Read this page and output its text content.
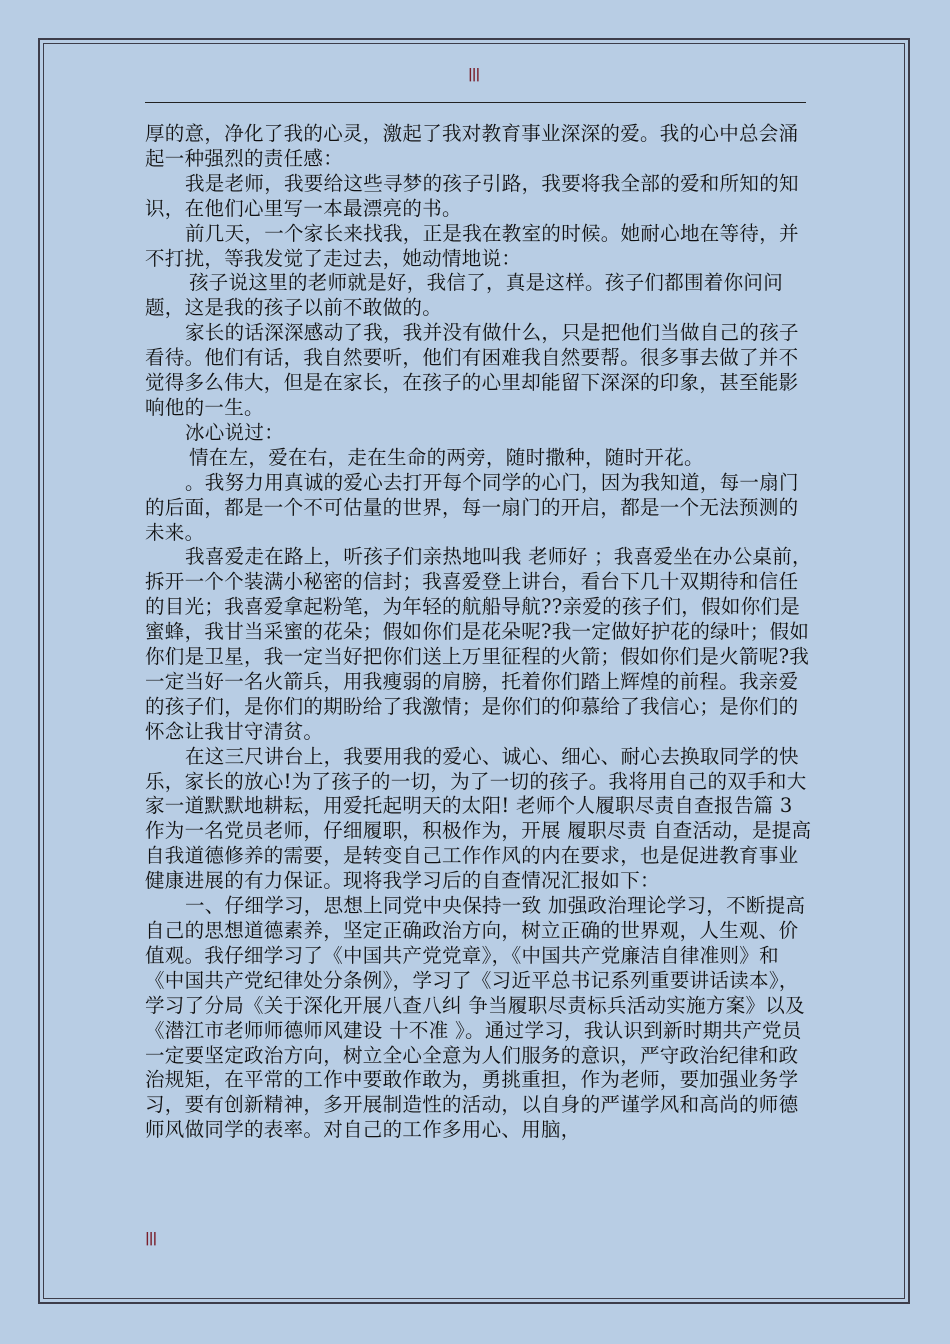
|||

厚的意，净化了我的心灵，激起了我对教育事业深深的爱。我的心中总会涌起一种强烈的责任感：

我是老师，我要给这些寻梦的孩子引路，我要将我全部的爱和所知的知识，在他们心里写一本最漂亮的书。

前几天，一个家长来找我，正是我在教室的时候。她耐心地在等待，并不打扰，等我发觉了走过去，她动情地说：

孩子说这里的老师就是好，我信了，真是这样。孩子们都围着你问问题，这是我的孩子以前不敢做的。

家长的话深深感动了我，我并没有做什么，只是把他们当做自己的孩子看待。他们有话，我自然要听，他们有困难我自然要帮。很多事去做了并不觉得多么伟大，但是在家长，在孩子的心里却能留下深深的印象，甚至能影响他的一生。

冰心说过：

情在左，爱在右，走在生命的两旁，随时撒种，随时开花。

。我努力用真诚的爱心去打开每个同学的心门，因为我知道，每一扇门的后面，都是一个不可估量的世界，每一扇门的开启，都是一个无法预测的未来。

我喜爱走在路上，听孩子们亲热地叫我 老师好 ；我喜爱坐在办公桌前，拆开一个个装满小秘密的信封；我喜爱登上讲台，看台下几十双期待和信任的目光；我喜爱拿起粉笔，为年轻的航船导航??亲爱的孩子们，假如你们是蜜蜂，我甘当采蜜的花朵；假如你们是花朵呢?我一定做好护花的绿叶；假如你们是卫星，我一定当好把你们送上万里征程的火箭；假如你们是火箭呢?我一定当好一名火箭兵，用我瘦弱的肩膀，托着你们踏上辉煌的前程。我亲爱的孩子们，是你们的期盼给了我激情；是你们的仰慕给了我信心；是你们的怀念让我甘守清贫。

在这三尺讲台上，我要用我的爱心、诚心、细心、耐心去换取同学的快乐，家长的放心!为了孩子的一切，为了一切的孩子。我将用自己的双手和大家一道默默地耕耘，用爱托起明天的太阳! 老师个人履职尽责自查报告篇 3 作为一名党员老师，仔细履职，积极作为，开展 履职尽责 自查活动，是提高自我道德修养的需要，是转变自己工作作风的内在要求，也是促进教育事业健康进展的有力保证。现将我学习后的自查情况汇报如下：

一、仔细学习，思想上同党中央保持一致 加强政治理论学习，不断提高自己的思想道德素养，坚定正确政治方向，树立正确的世界观，人生观、价值观。我仔细学习了《中国共产党党章》，《中国共产党廉洁自律准则》和《中国共产党纪律处分条例》，学习了《习近平总书记系列重要讲话读本》，学习了分局《关于深化开展八查八纠 争当履职尽责标兵活动实施方案》以及《潜江市老师师德师风建设 十不准 》。通过学习，我认识到新时期共产党员一定要坚定政治方向，树立全心全意为人们服务的意识，严守政治纪律和政治规矩，在平常的工作中要敢作敢为，勇挑重担，作为老师，要加强业务学习，要有创新精神，多开展制造性的活动，以自身的严谨学风和高尚的师德师风做同学的表率。对自己的工作多用心、用脑，

|||
